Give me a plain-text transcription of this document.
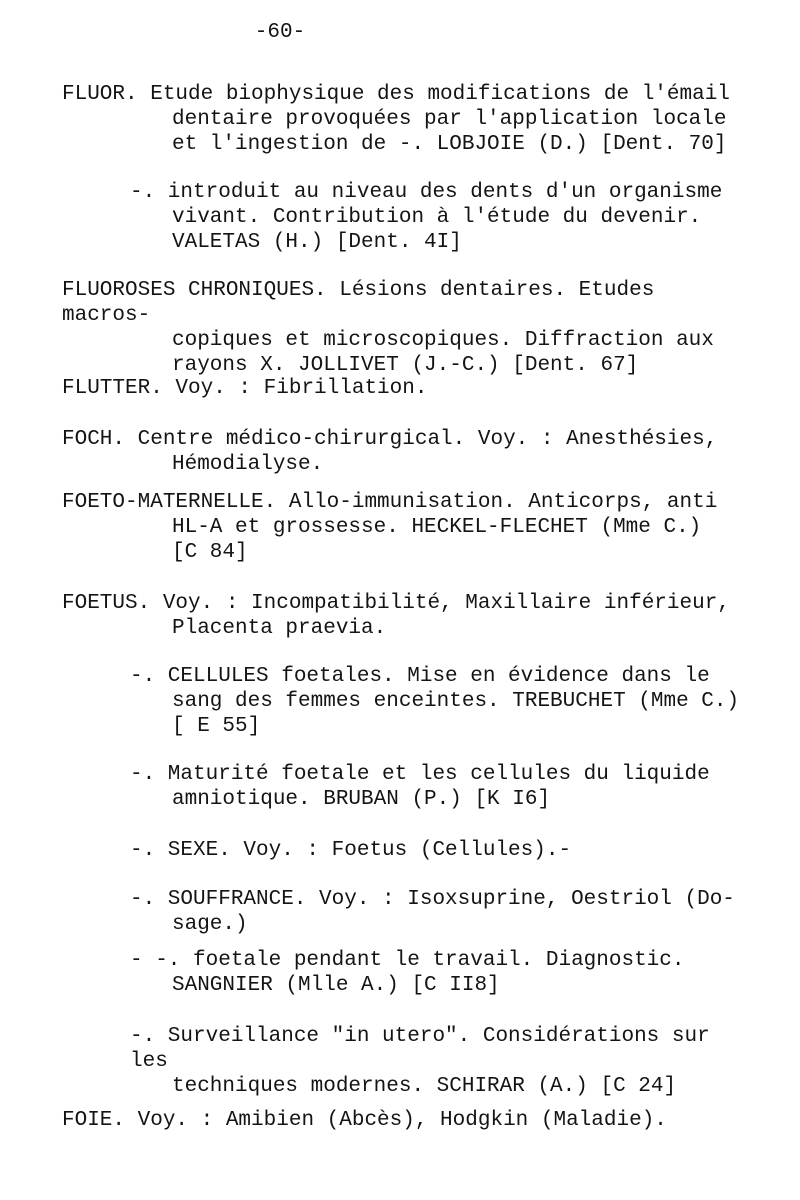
-60-

FLUOR. Etude biophysique des modifications de l'émail
dentaire provoquées par l'application locale
et l'ingestion de -. LOBJOIE (D.) [Dent. 70]

-. introduit au niveau des dents d'un organisme
vivant. Contribution à l'étude du devenir.
VALETAS (H.) [Dent. 4I]

FLUOROSES CHRONIQUES. Lésions dentaires. Etudes macros-
copiques et microscopiques. Diffraction aux
rayons X. JOLLIVET (J.-C.) [Dent. 67]

FLUTTER. Voy. : Fibrillation.

FOCH. Centre médico-chirurgical. Voy. : Anesthésies,
Hémodialyse.

FOETO-MATERNELLE. Allo-immunisation. Anticorps, anti
HL-A et grossesse. HECKEL-FLECHET (Mme C.)
[C 84]

FOETUS. Voy. : Incompatibilité, Maxillaire inférieur,
Placenta praevia.

-. CELLULES foetales. Mise en évidence dans le
sang des femmes enceintes. TREBUCHET (Mme C.)
[ E 55]

-. Maturité foetale et les cellules du liquide
amniotique. BRUBAN (P.) [K I6]

-. SEXE. Voy. : Foetus (Cellules).-

-. SOUFFRANCE. Voy. : Isoxsuprine, Oestriol (Do-
sage.)

- -. foetale pendant le travail. Diagnostic.
SANGNIER (Mlle A.) [C II8]

-. Surveillance "in utero". Considérations sur les
techniques modernes. SCHIRAR (A.) [C 24]

FOIE. Voy. : Amibien (Abcès), Hodgkin (Maladie).
